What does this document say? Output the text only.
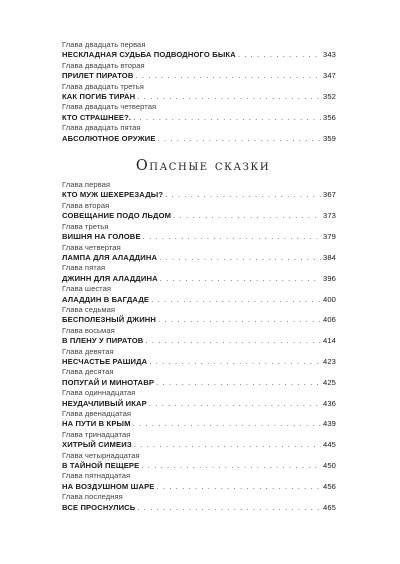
Глава двадцать первая
НЕСКЛАДНАЯ СУДЬБА ПОДВОДНОГО БЫКА . . .	343
Глава двадцать вторая
ПРИЛЕТ ПИРАТОВ . . .	347
Глава двадцать третья
КАК ПОГИБ ТИРАН . . .	352
Глава двадцать четвертая
КТО СТРАШНЕЕ?. . . .	356
Глава двадцать пятая
АБСОЛЮТНОЕ ОРУЖИЕ . . .	359
Опасные сказки
Глава первая
КТО МУЖ ШЕХЕРЕЗАДЫ? . . .	367
Глава вторая
СОВЕЩАНИЕ ПОДО ЛЬДОМ . . .	373
Глава третья
ВИШНЯ НА ГОЛОВЕ . . .	379
Глава четвертая
ЛАМПА ДЛЯ АЛАДДИНА . . .	384
Глава пятая
ДЖИНН ДЛЯ АЛАДДИНА . . .	396
Глава шестая
АЛАДДИН В БАГДАДЕ . . .	400
Глава седьмая
БЕСПОЛЕЗНЫЙ ДЖИНН . . .	406
Глава восьмая
В ПЛЕНУ У ПИРАТОВ . . .	414
Глава девятая
НЕСЧАСТЬЕ РАШИДА . . .	423
Глава десятая
ПОПУГАЙ И МИНОТАВР . . .	425
Глава одиннадцатая
НЕУДАЧЛИВЫЙ ИКАР . . .	436
Глава двенадцатая
НА ПУТИ В КРЫМ . . .	439
Глава тринадцатая
ХИТРЫЙ СИМЕИЗ . . .	445
Глава четырнадцатая
В ТАЙНОЙ ПЕЩЕРЕ . . .	450
Глава пятнадцатая
НА ВОЗДУШНОМ ШАРЕ . . .	456
Глава последняя
ВСЕ ПРОСНУЛИСЬ . . .	465
